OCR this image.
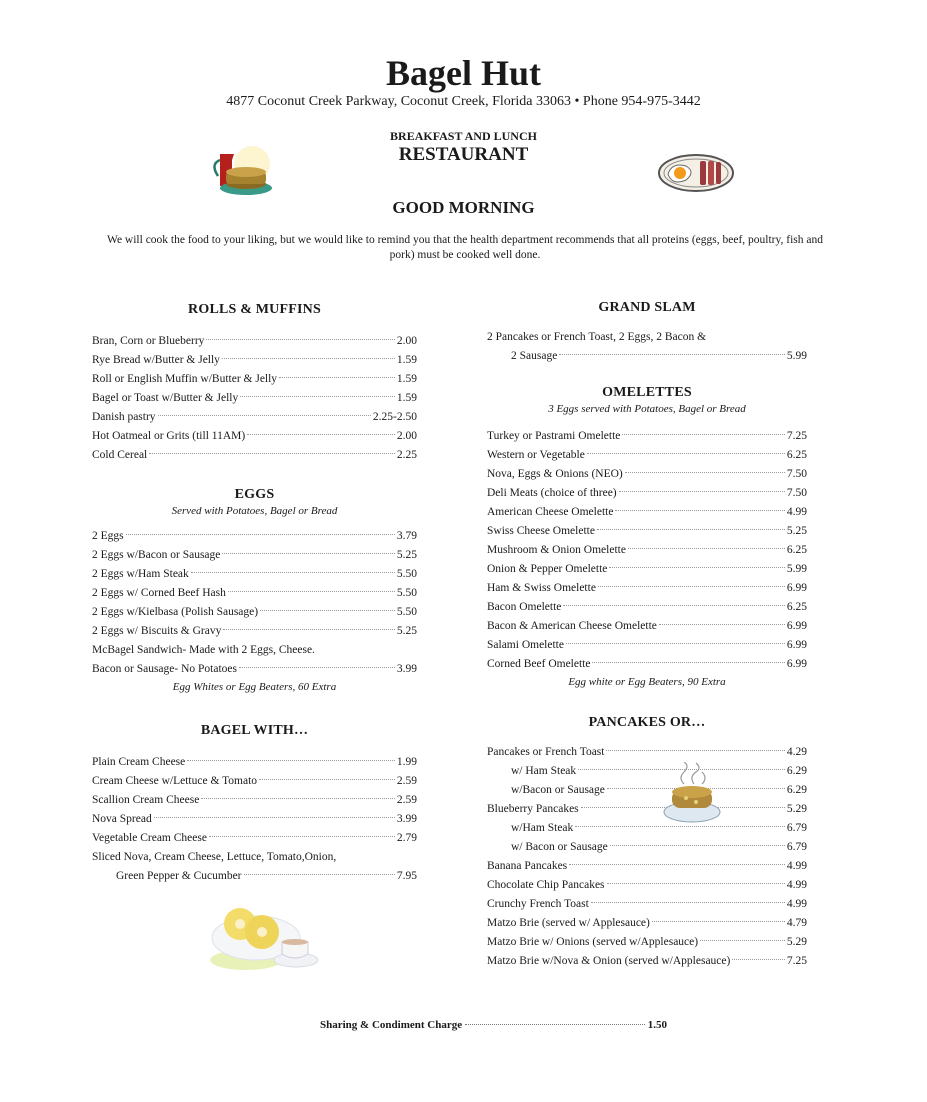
Bagel Hut
4877 Coconut Creek Parkway, Coconut Creek, Florida 33063 • Phone 954-975-3442
BREAKFAST AND LUNCH
RESTAURANT
GOOD MORNING
We will cook the food to your liking, but we would like to remind you that the health department recommends that all proteins (eggs, beef, poultry, fish and pork) must be cooked well done.
ROLLS & MUFFINS
Bran, Corn or Blueberry	2.00
Rye Bread w/Butter & Jelly	1.59
Roll or English Muffin w/Butter & Jelly	1.59
Bagel or Toast w/Butter & Jelly	1.59
Danish pastry	2.25-2.50
Hot Oatmeal or Grits (till 11AM)	2.00
Cold Cereal	2.25
EGGS
Served with Potatoes, Bagel or Bread
2 Eggs	3.79
2 Eggs w/Bacon or Sausage	5.25
2 Eggs w/Ham Steak	5.50
2 Eggs w/ Corned Beef Hash	5.50
2 Eggs w/Kielbasa (Polish Sausage)	5.50
2 Eggs w/ Biscuits & Gravy	5.25
McBagel Sandwich- Made with 2 Eggs, Cheese.
Bacon or Sausage- No Potatoes	3.99
Egg Whites or Egg Beaters, 60 Extra
BAGEL WITH…
Plain Cream Cheese	1.99
Cream Cheese w/Lettuce & Tomato	2.59
Scallion Cream Cheese	2.59
Nova Spread	3.99
Vegetable Cream Cheese	2.79
Sliced Nova, Cream Cheese, Lettuce, Tomato,Onion,
Green Pepper & Cucumber	7.95
GRAND SLAM
2 Pancakes or French Toast, 2 Eggs, 2 Bacon &
2 Sausage	5.99
OMELETTES
3 Eggs served with Potatoes, Bagel or Bread
Turkey or Pastrami Omelette	7.25
Western or Vegetable	6.25
Nova, Eggs & Onions (NEO)	7.50
Deli Meats (choice of three)	7.50
American Cheese Omelette	4.99
Swiss Cheese Omelette	5.25
Mushroom & Onion Omelette	6.25
Onion & Pepper Omelette	5.99
Ham & Swiss Omelette	6.99
Bacon Omelette	6.25
Bacon & American Cheese Omelette	6.99
Salami Omelette	6.99
Corned Beef Omelette	6.99
Egg white or Egg Beaters, 90 Extra
PANCAKES OR…
Pancakes or French Toast	4.29
w/ Ham Steak	6.29
w/Bacon or Sausage	6.29
Blueberry Pancakes	5.29
w/Ham Steak	6.79
w/ Bacon or Sausage	6.79
Banana Pancakes	4.99
Chocolate Chip Pancakes	4.99
Crunchy French Toast	4.99
Matzo Brie (served w/ Applesauce)	4.79
Matzo Brie w/ Onions (served w/Applesauce)	5.29
Matzo Brie w/Nova & Onion (served w/Applesauce)	7.25
Sharing & Condiment Charge	1.50
